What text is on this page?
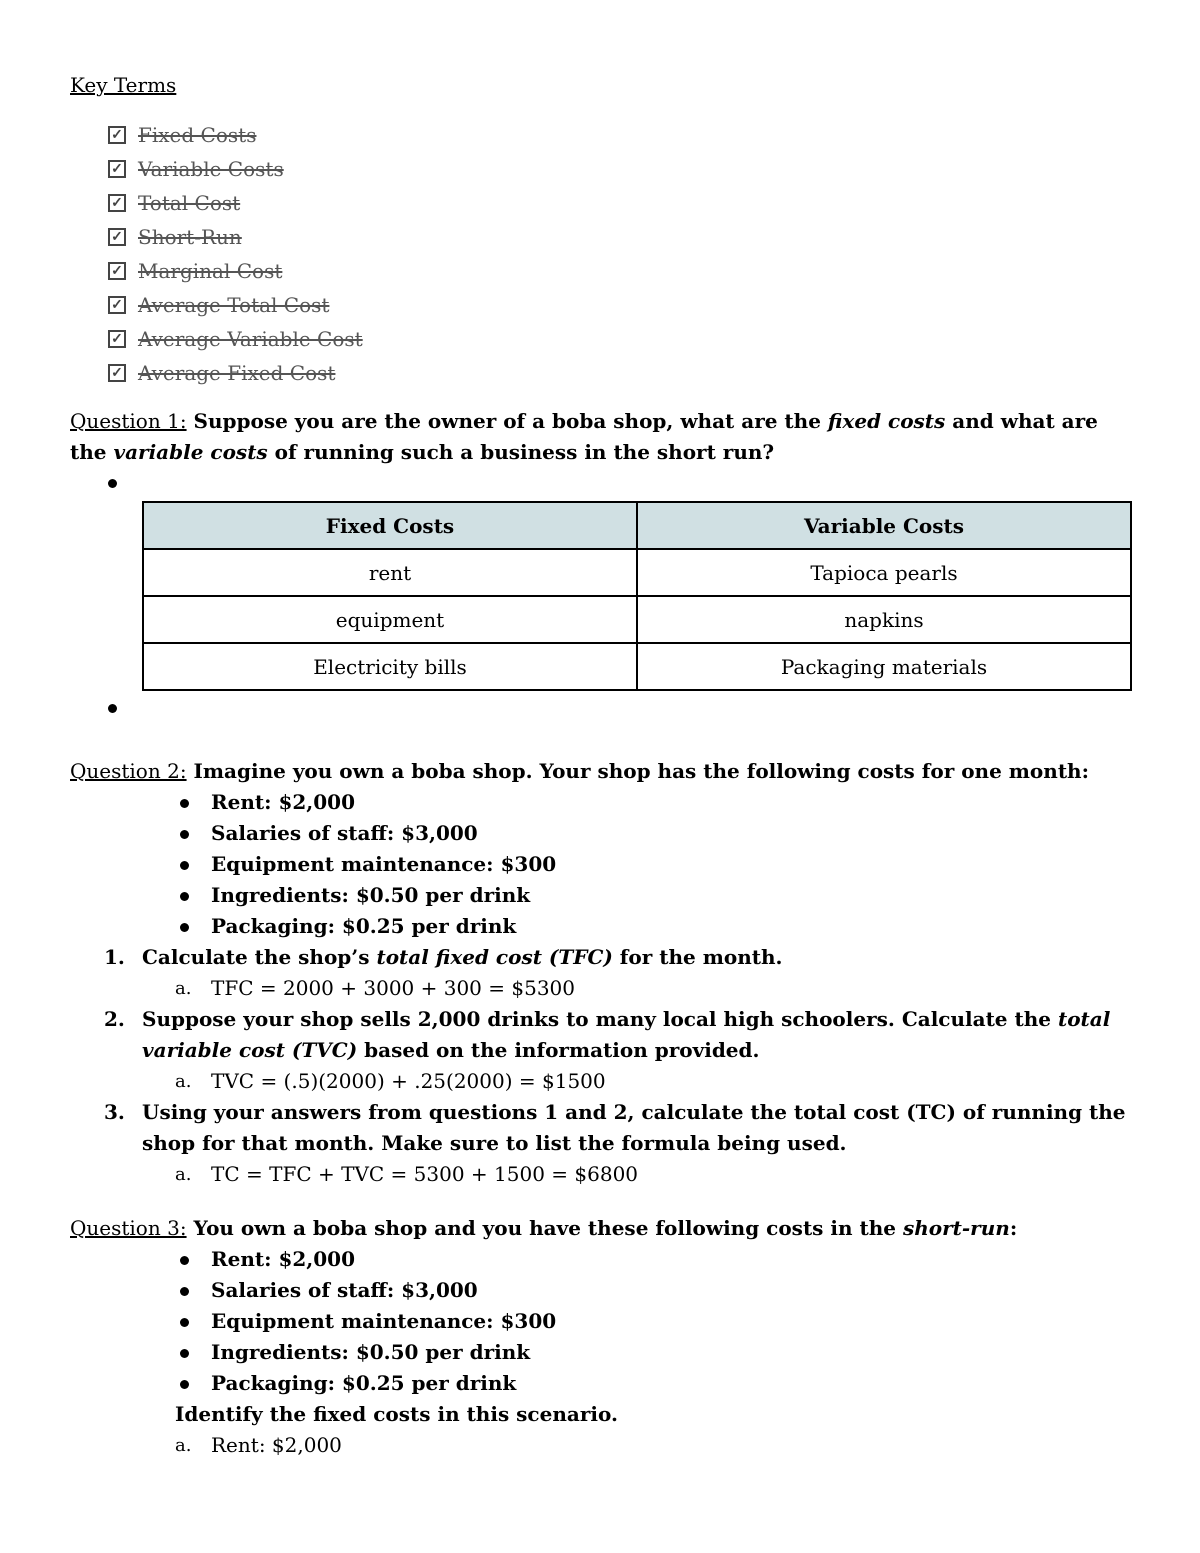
Key Terms
✓ Fixed Costs
✓ Variable Costs
✓ Total Cost
✓ Short-Run
✓ Marginal Cost
✓ Average Total Cost
✓ Average Variable Cost
✓ Average Fixed Cost
Question 1: Suppose you are the owner of a boba shop, what are the fixed costs and what are the variable costs of running such a business in the short run?
Fixed Costs	Variable Costs
rent	Tapioca pearls
equipment	napkins
Electricity bills	Packaging materials
Question 2: Imagine you own a boba shop. Your shop has the following costs for one month:
Rent: $2,000
Salaries of staff: $3,000
Equipment maintenance: $300
Ingredients: $0.50 per drink
Packaging: $0.25 per drink
1. Calculate the shop’s total fixed cost (TFC) for the month.
a. TFC = 2000 + 3000 + 300 = $5300
2. Suppose your shop sells 2,000 drinks to many local high schoolers. Calculate the total variable cost (TVC) based on the information provided.
a. TVC = (.5)(2000) + .25(2000) = $1500
3. Using your answers from questions 1 and 2, calculate the total cost (TC) of running the shop for that month. Make sure to list the formula being used.
a. TC = TFC + TVC = 5300 + 1500 = $6800
Question 3: You own a boba shop and you have these following costs in the short-run:
Rent: $2,000
Salaries of staff: $3,000
Equipment maintenance: $300
Ingredients: $0.50 per drink
Packaging: $0.25 per drink
Identify the fixed costs in this scenario.
a. Rent: $2,000
